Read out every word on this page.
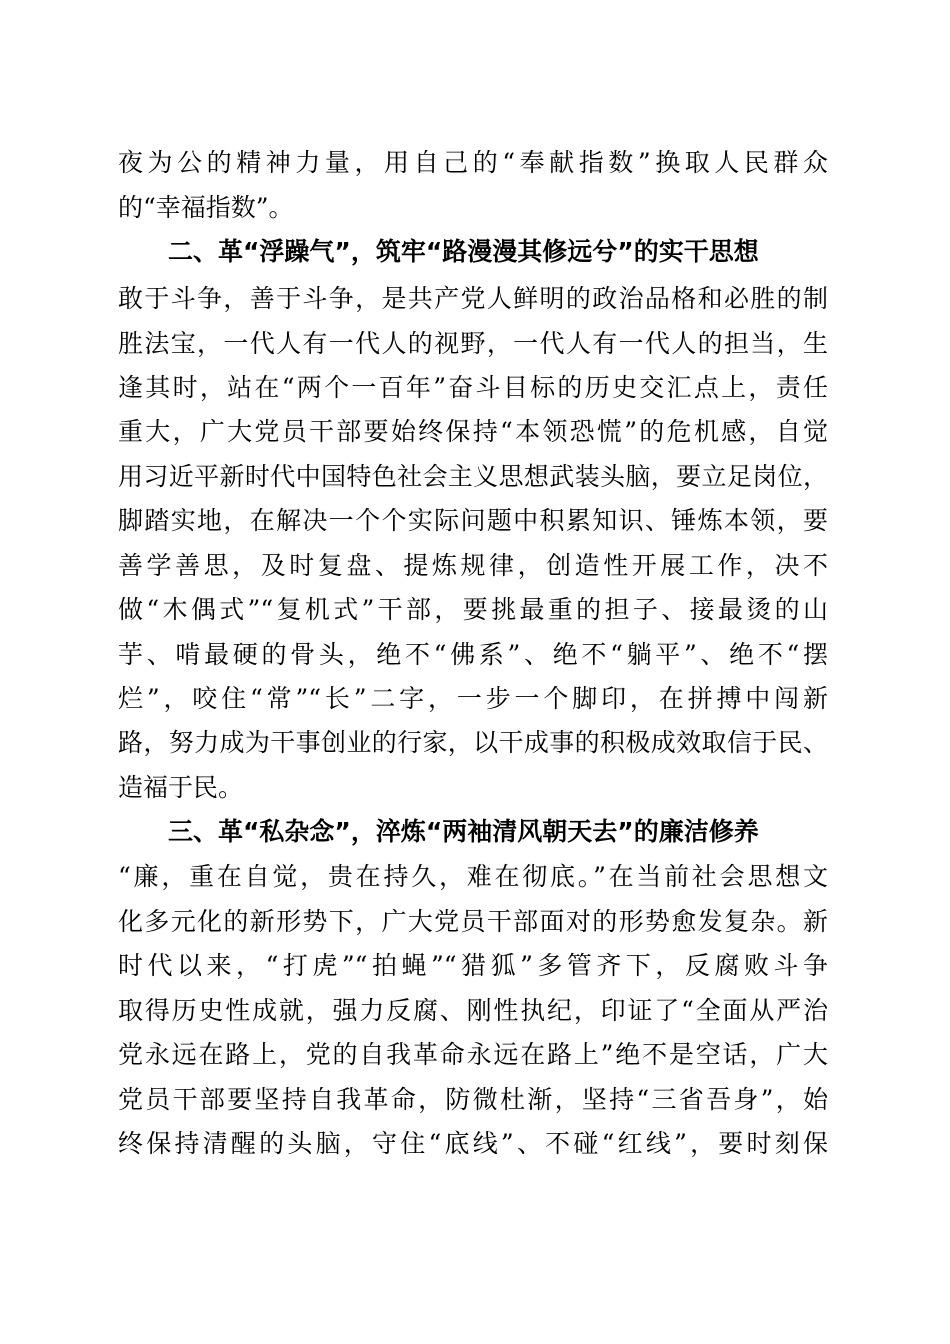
夜为公的精神力量，用自己的“奉献指数”换取人民群众
的“幸福指数”。
二、革“浮躁气”，筑牢“路漫漫其修远兮”的实干思想
敢于斗争，善于斗争，是共产党人鲜明的政治品格和必胜的制
胜法宝，一代人有一代人的视野，一代人有一代人的担当，生
逢其时，站在“两个一百年”奋斗目标的历史交汇点上，责任
重大，广大党员干部要始终保持“本领恐慌”的危机感，自觉
用习近平新时代中国特色社会主义思想武装头脑，要立足岗位，
脚踏实地，在解决一个个实际问题中积累知识、锤炼本领，要
善学善思，及时复盘、提炼规律，创造性开展工作，决不
做“木偶式”“复机式”干部，要挑最重的担子、接最烫的山
芋、啃最硬的骨头，绝不“佛系”、绝不“躺平”、绝不“摆
烂”，咬住“常”“长”二字，一步一个脚印，在拼搏中闯新
路，努力成为干事创业的行家，以干成事的积极成效取信于民、
造福于民。
三、革“私杂念”，淬炼“两袖清风朝天去”的廉洁修养
“廉，重在自觉，贵在持久，难在彻底。”在当前社会思想文
化多元化的新形势下，广大党员干部面对的形势愈发复杂。新
时代以来，“打虎”“拍蝇”“猎狐”多管齐下，反腐败斗争
取得历史性成就，强力反腐、刚性执纪，印证了“全面从严治
党永远在路上，党的自我革命永远在路上”绝不是空话，广大
党员干部要坚持自我革命，防微杜渐，坚持“三省吾身”，始
终保持清醒的头脑，守住“底线”、不碰“红线”，要时刻保
